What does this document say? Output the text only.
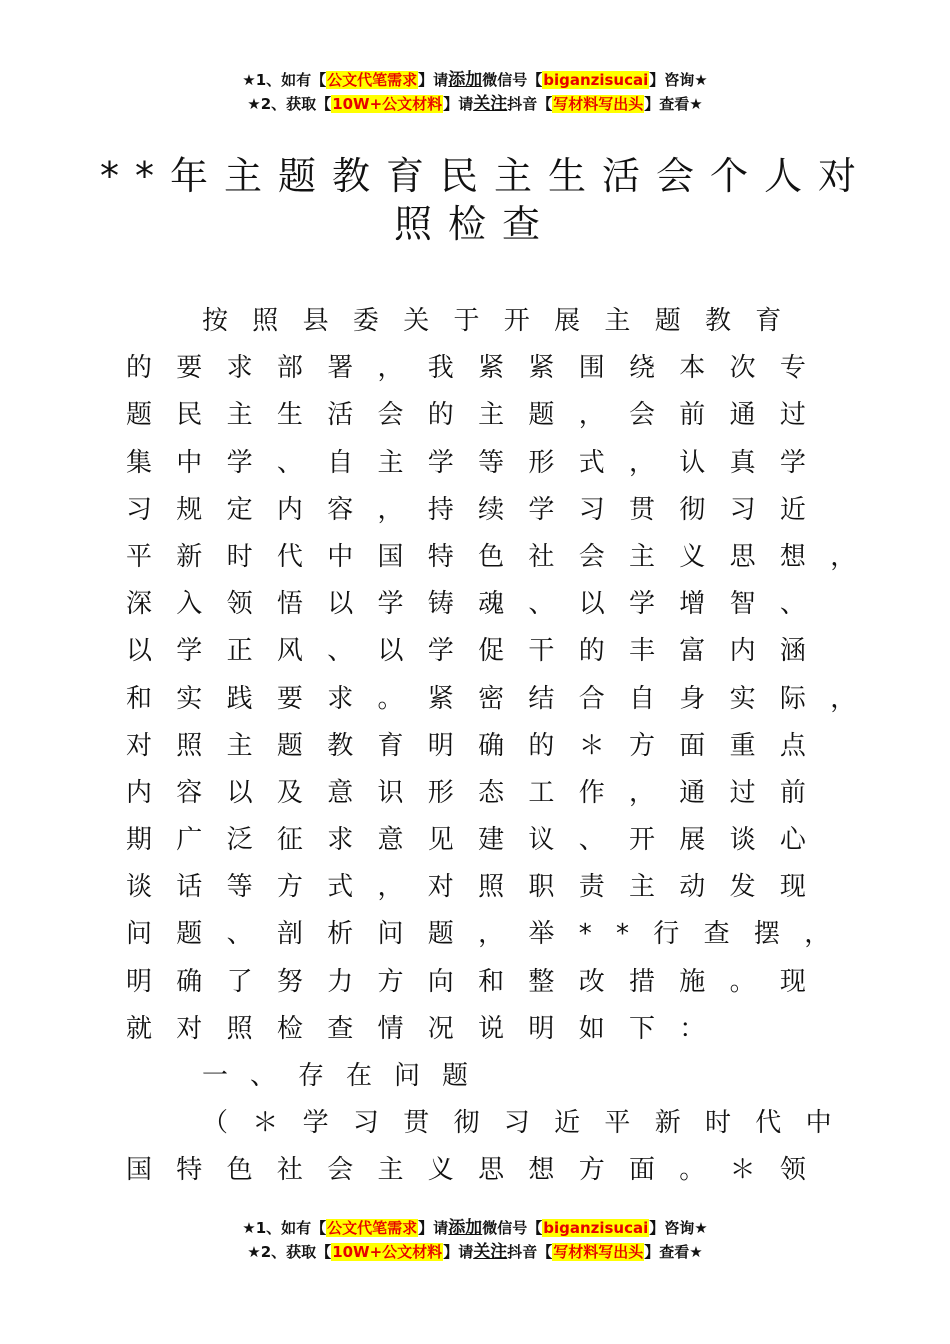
★1、如有【公文代笔需求】请添加微信号【biganzisucai】咨询★
★2、获取【10W+公文材料】请关注抖音【写材料写出头】查看★
**年主题教育民主生活会个人对
照检查
按照县委关于开展主题教育
的要求部署，我紧紧围绕本次专
题民主生活会的主题，会前通过
集中学、自主学等形式，认真学
习规定内容，持续学习贯彻习近
平新时代中国特色社会主义思想，
深入领悟以学铸魂、以学增智、
以学正风、以学促干的丰富内涵
和实践要求。紧密结合自身实际，
对照主题教育明确的＊方面重点
内容以及意识形态工作，通过前
期广泛征求意见建议、开展谈心
谈话等方式，对照职责主动发现
问题、剖析问题，举**行查摆，
明确了努力方向和整改措施。现
就对照检查情况说明如下：
一、存在问题
（＊学习贯彻习近平新时代中
国特色社会主义思想方面。＊领
★1、如有【公文代笔需求】请添加微信号【biganzisucai】咨询★
★2、获取【10W+公文材料】请关注抖音【写材料写出头】查看★
